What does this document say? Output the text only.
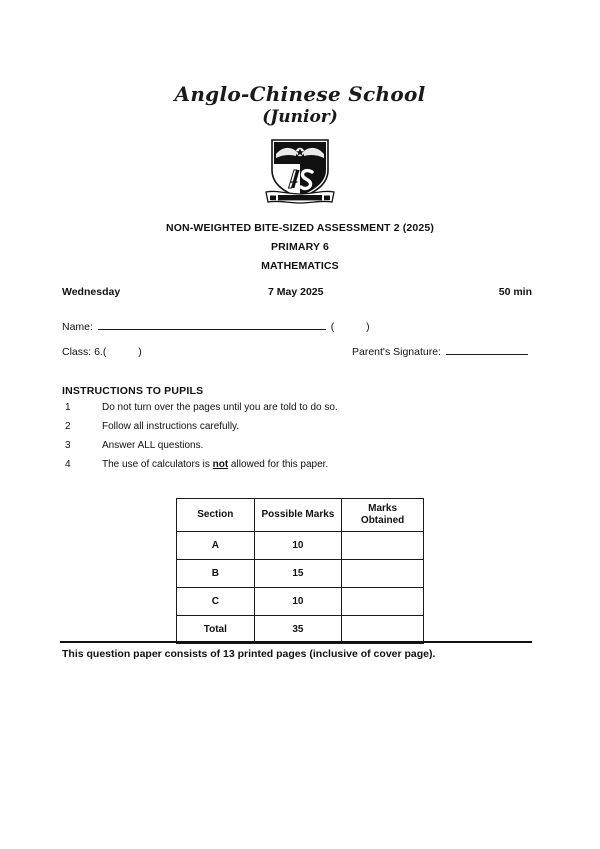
Anglo-Chinese School
(Junior)
NON-WEIGHTED BITE-SIZED ASSESSMENT 2 (2025)
PRIMARY 6
MATHEMATICS
Wednesday	7 May 2025	50 min
Name:	(	)
Class: 6.(	)	Parent's Signature:
INSTRUCTIONS TO PUPILS
1	Do not turn over the pages until you are told to do so.
2	Follow all instructions carefully.
3	Answer ALL questions.
4	The use of calculators is not allowed for this paper.
Section	Possible Marks	Marks
Obtained
A	10	
B	15	
C	10	
Total	35	
This question paper consists of 13 printed pages (inclusive of cover page).
